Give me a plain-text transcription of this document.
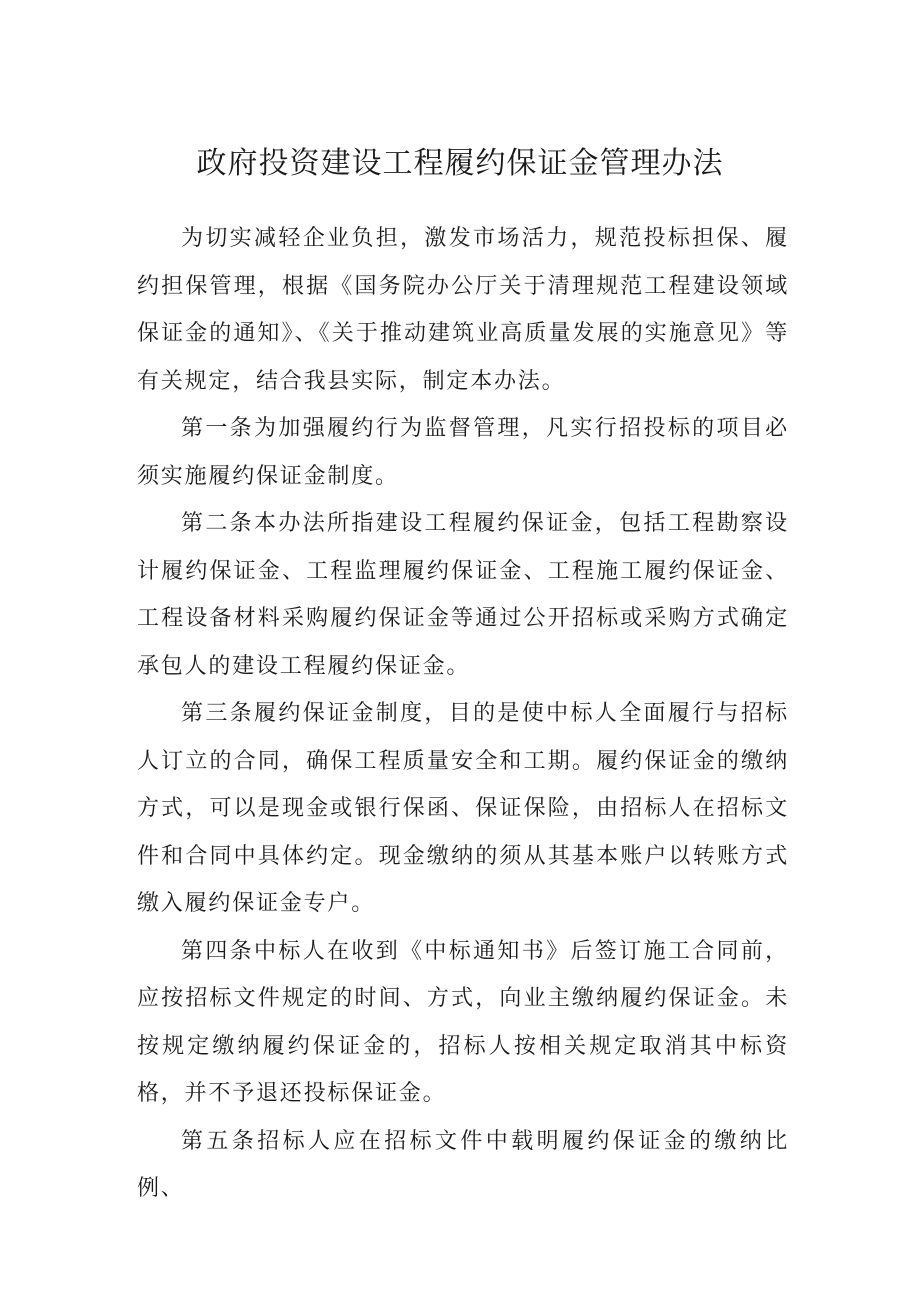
政府投资建设工程履约保证金管理办法

为切实减轻企业负担，激发市场活力，规范投标担保、履约担保管理，根据《国务院办公厅关于清理规范工程建设领域保证金的通知》、《关于推动建筑业高质量发展的实施意见》等有关规定，结合我县实际，制定本办法。

第一条为加强履约行为监督管理，凡实行招投标的项目必须实施履约保证金制度。

第二条本办法所指建设工程履约保证金，包括工程勘察设计履约保证金、工程监理履约保证金、工程施工履约保证金、工程设备材料采购履约保证金等通过公开招标或采购方式确定承包人的建设工程履约保证金。

第三条履约保证金制度，目的是使中标人全面履行与招标人订立的合同，确保工程质量安全和工期。履约保证金的缴纳方式，可以是现金或银行保函、保证保险，由招标人在招标文件和合同中具体约定。现金缴纳的须从其基本账户以转账方式缴入履约保证金专户。

第四条中标人在收到《中标通知书》后签订施工合同前，应按招标文件规定的时间、方式，向业主缴纳履约保证金。未按规定缴纳履约保证金的，招标人按相关规定取消其中标资格，并不予退还投标保证金。

第五条招标人应在招标文件中载明履约保证金的缴纳比例、
